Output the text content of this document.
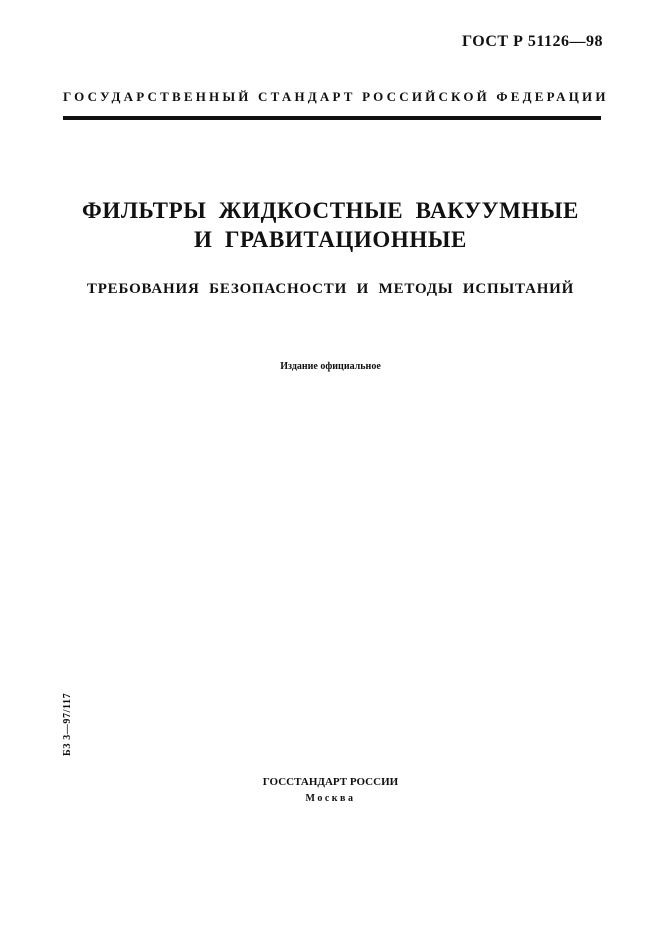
ГОСТ Р 51126—98
ГОСУДАРСТВЕННЫЙ СТАНДАРТ РОССИЙСКОЙ ФЕДЕРАЦИИ
ФИЛЬТРЫ ЖИДКОСТНЫЕ ВАКУУМНЫЕ
И ГРАВИТАЦИОННЫЕ
ТРЕБОВАНИЯ БЕЗОПАСНОСТИ И МЕТОДЫ ИСПЫТАНИЙ
Издание официальное
БЗ 3—97/117
ГОССТАНДАРТ РОССИИ
Москва
